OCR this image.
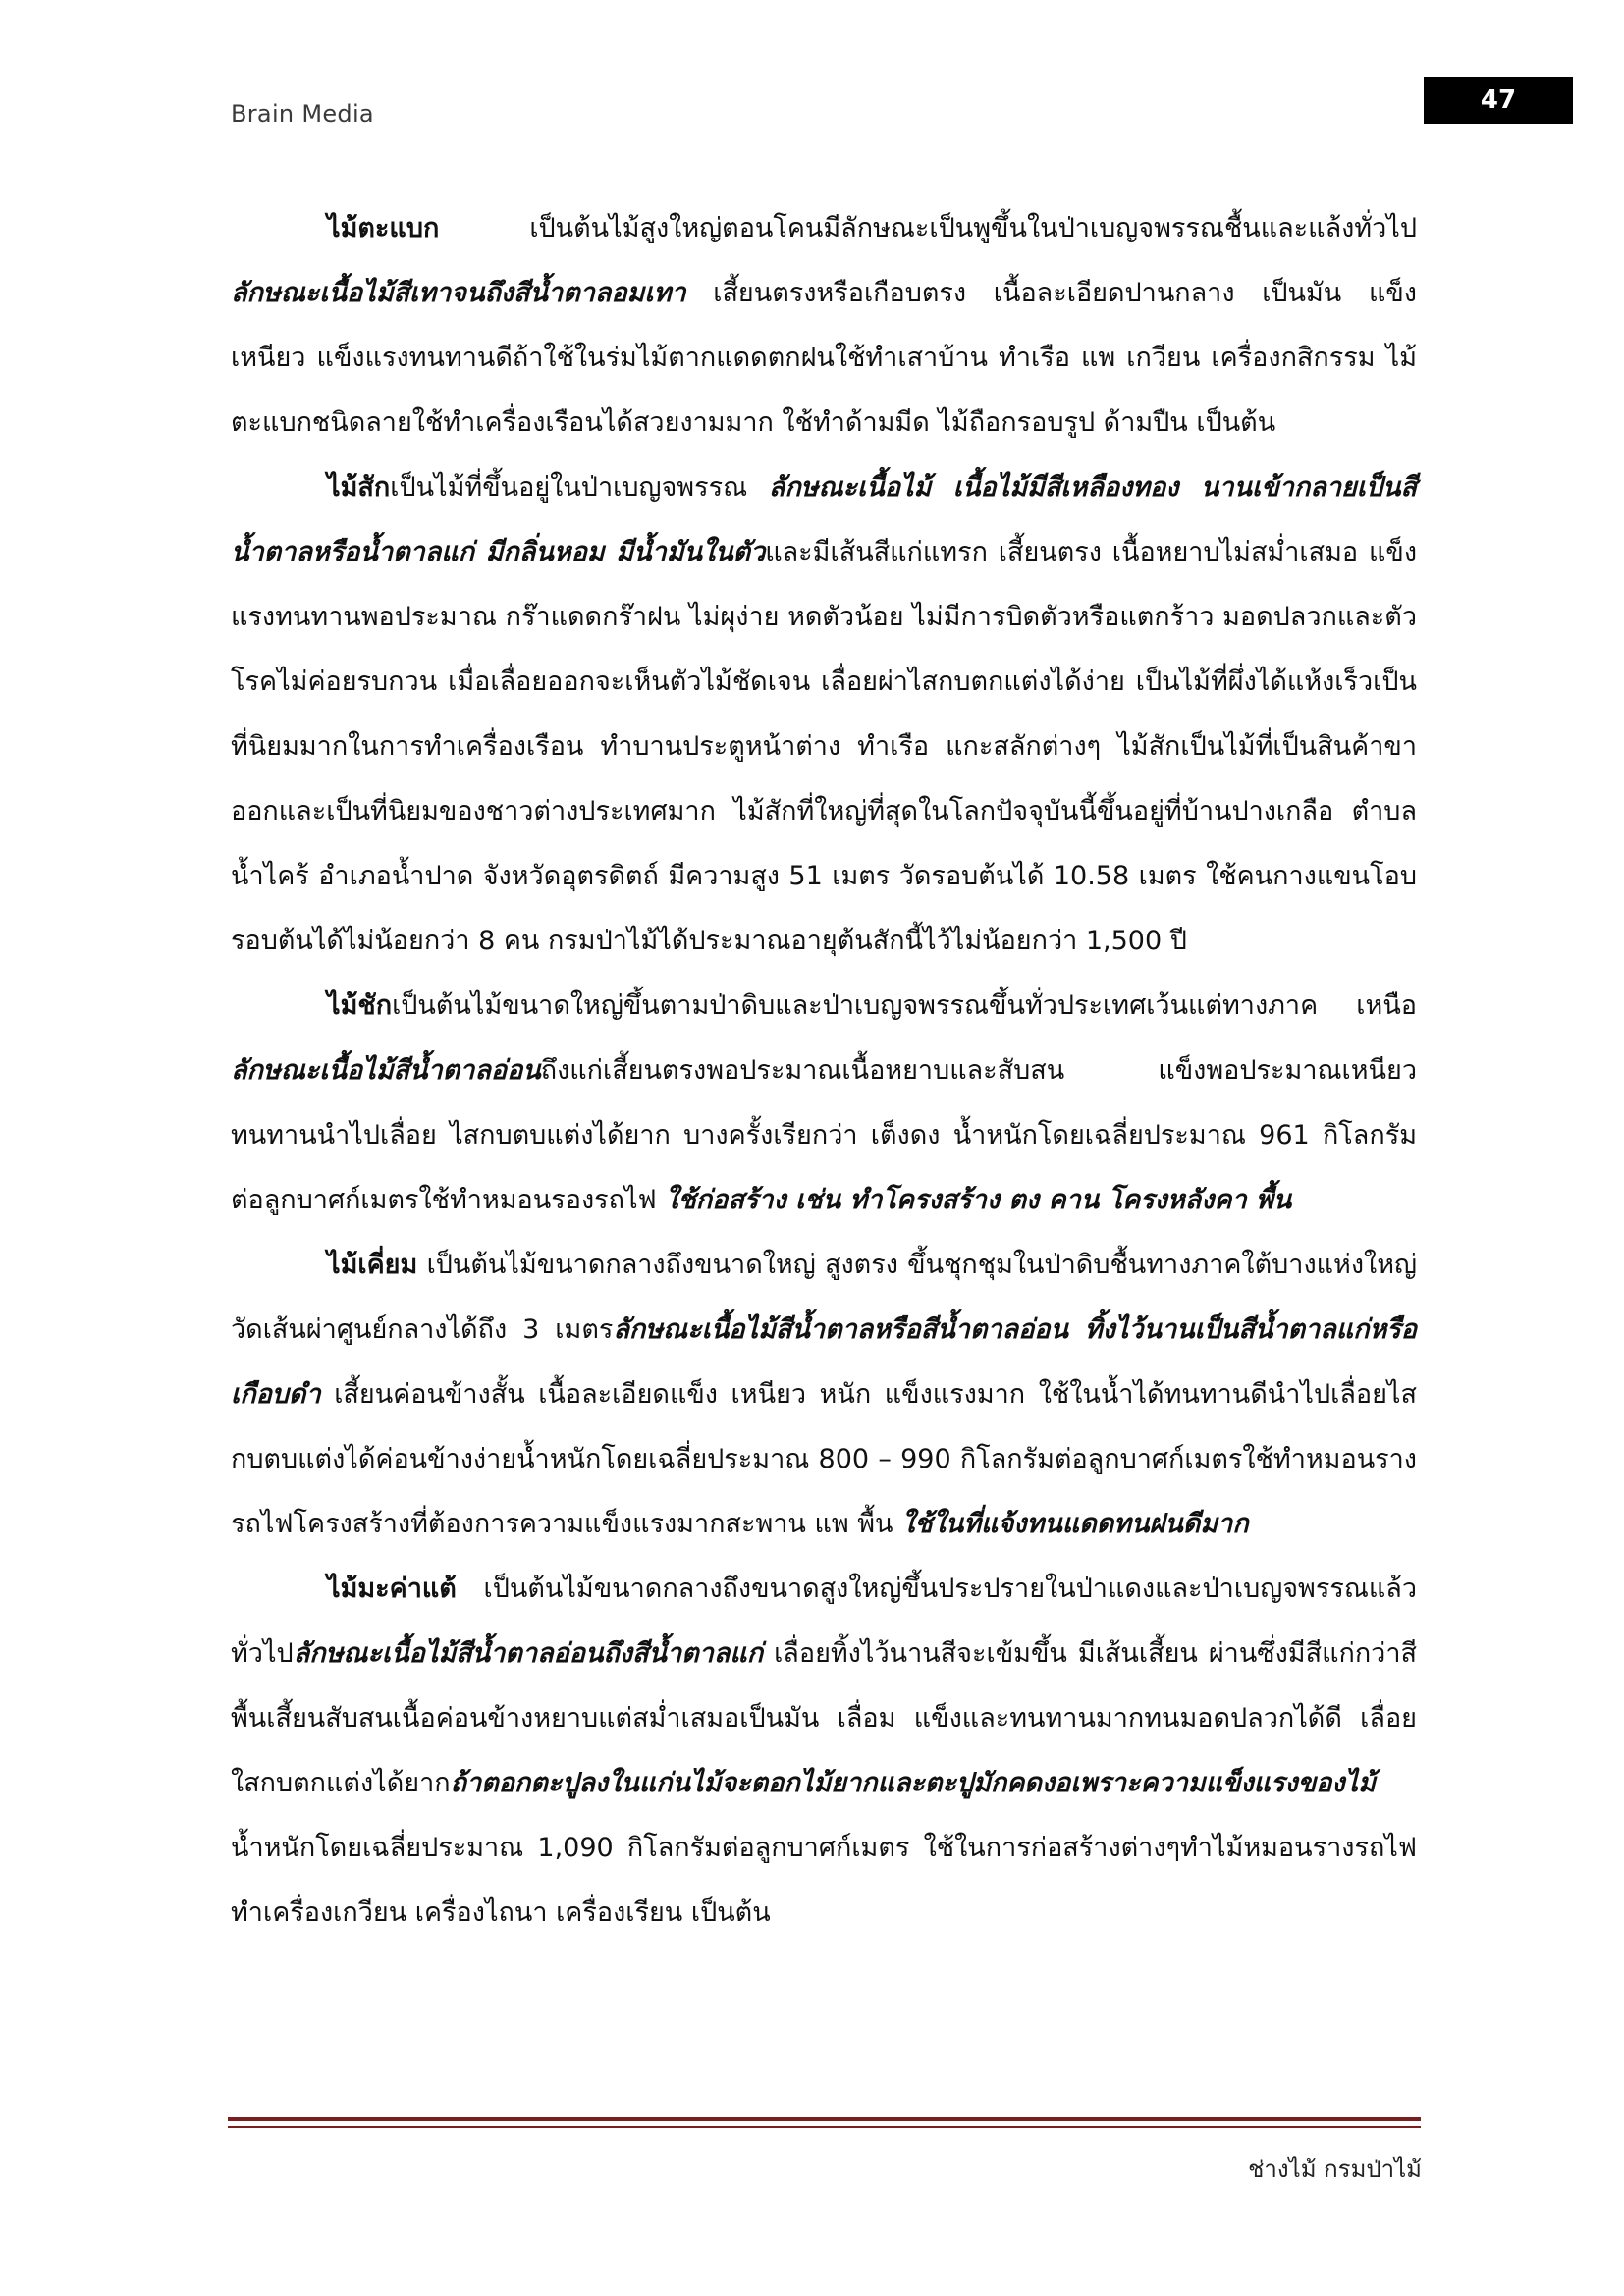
Brain Media	47

ไม้ตะแบก เป็นต้นไม้สูงใหญ่ตอนโคนมีลักษณะเป็นพูขึ้นในป่าเบญจพรรณชื้นและแล้งทั่วไป ลักษณะเนื้อไม้สีเทาจนถึงสีน้ำตาลอมเทา เสี้ยนตรงหรือเกือบตรง เนื้อละเอียดปานกลาง เป็นมัน แข็ง เหนียว แข็งแรงทนทานดีถ้าใช้ในร่มไม้ตากแดดตกฝนใช้ทำเสาบ้าน ทำเรือ แพ เกวียน เครื่องกสิกรรม ไม้ตะแบกชนิดลายใช้ทำเครื่องเรือนได้สวยงามมาก ใช้ทำด้ามมีด ไม้ถือกรอบรูป ด้ามปืน เป็นต้น

ไม้สักเป็นไม้ที่ขึ้นอยู่ในป่าเบญจพรรณ ลักษณะเนื้อไม้ เนื้อไม้มีสีเหลืองทอง นานเข้ากลายเป็นสีน้ำตาลหรือน้ำตาลแก่ มีกลิ่นหอม มีน้ำมันในตัวและมีเส้นสีแก่แทรก เสี้ยนตรง เนื้อหยาบไม่สม่ำเสมอ แข็งแรงทนทานพอประมาณ กร๊าแดดกร๊าฝน ไม่ผุง่าย หดตัวน้อย ไม่มีการบิดตัวหรือแตกร้าว มอดปลวกและตัวโรคไม่ค่อยรบกวน เมื่อเลื่อยออกจะเห็นตัวไม้ชัดเจน เลื่อยผ่าไสกบตกแต่งได้ง่าย เป็นไม้ที่ผึ่งได้แห้งเร็วเป็นที่นิยมมากในการทำเครื่องเรือน ทำบานประตูหน้าต่าง ทำเรือ แกะสลักต่างๆ ไม้สักเป็นไม้ที่เป็นสินค้าขาออกและเป็นที่นิยมของชาวต่างประเทศมาก ไม้สักที่ใหญ่ที่สุดในโลกปัจจุบันนี้ขึ้นอยู่ที่บ้านปางเกลือ ตำบลน้ำไคร้ อำเภอน้ำปาด จังหวัดอุตรดิตถ์ มีความสูง 51 เมตร วัดรอบต้นได้ 10.58 เมตร ใช้คนกางแขนโอบรอบต้นได้ไม่น้อยกว่า 8 คน กรมป่าไม้ได้ประมาณอายุต้นสักนี้ไว้ไม่น้อยกว่า 1,500 ปี

ไม้ชักเป็นต้นไม้ขนาดใหญ่ขึ้นตามป่าดิบและป่าเบญจพรรณขึ้นทั่วประเทศเว้นแต่ทางภาค เหนือ ลักษณะเนื้อไม้สีน้ำตาลอ่อนถึงแก่เสี้ยนตรงพอประมาณเนื้อหยาบและสับสน แข็งพอประมาณเหนียวทนทานนำไปเลื่อย ไสกบตบแต่งได้ยาก บางครั้งเรียกว่า เต็งดง น้ำหนักโดยเฉลี่ยประมาณ 961 กิโลกรัมต่อลูกบาศก์เมตรใช้ทำหมอนรองรถไฟ ใช้ก่อสร้าง เช่น ทำโครงสร้าง ตง คาน โครงหลังคา พื้น

ไม้เคี่ยม เป็นต้นไม้ขนาดกลางถึงขนาดใหญ่ สูงตรง ขึ้นชุกชุมในป่าดิบชื้นทางภาคใต้บางแห่งใหญ่วัดเส้นผ่าศูนย์กลางได้ถึง 3 เมตรลักษณะเนื้อไม้สีน้ำตาลหรือสีน้ำตาลอ่อน ทิ้งไว้นานเป็นสีน้ำตาลแก่หรือเกือบดำ เสี้ยนค่อนข้างสั้น เนื้อละเอียดแข็ง เหนียว หนัก แข็งแรงมาก ใช้ในน้ำได้ทนทานดีนำไปเลื่อยไสกบตบแต่งได้ค่อนข้างง่ายน้ำหนักโดยเฉลี่ยประมาณ 800 – 990 กิโลกรัมต่อลูกบาศก์เมตรใช้ทำหมอนรางรถไฟโครงสร้างที่ต้องการความแข็งแรงมากสะพาน แพ พื้น ใช้ในที่แจ้งทนแดดทนฝนดีมาก

ไม้มะค่าแต้ เป็นต้นไม้ขนาดกลางถึงขนาดสูงใหญ่ขึ้นประปรายในป่าแดงและป่าเบญจพรรณแล้วทั่วไปลักษณะเนื้อไม้สีน้ำตาลอ่อนถึงสีน้ำตาลแก่ เลื่อยทิ้งไว้นานสีจะเข้มขึ้น มีเส้นเสี้ยน ผ่านซึ่งมีสีแก่กว่าสีพื้นเสี้ยนสับสนเนื้อค่อนข้างหยาบแต่สม่ำเสมอเป็นมัน เลื่อม แข็งและทนทานมากทนมอดปลวกได้ดี เลื่อยใสกบตกแต่งได้ยากถ้าตอกตะปูลงในแก่นไม้จะตอกไม้ยากและตะปูมักคดงอเพราะความแข็งแรงของไม้ น้ำหนักโดยเฉลี่ยประมาณ 1,090 กิโลกรัมต่อลูกบาศก์เมตร ใช้ในการก่อสร้างต่างๆทำไม้หมอนรางรถไฟทำเครื่องเกวียน เครื่องไถนา เครื่องเรียน เป็นต้น

ช่างไม้ กรมป่าไม้
